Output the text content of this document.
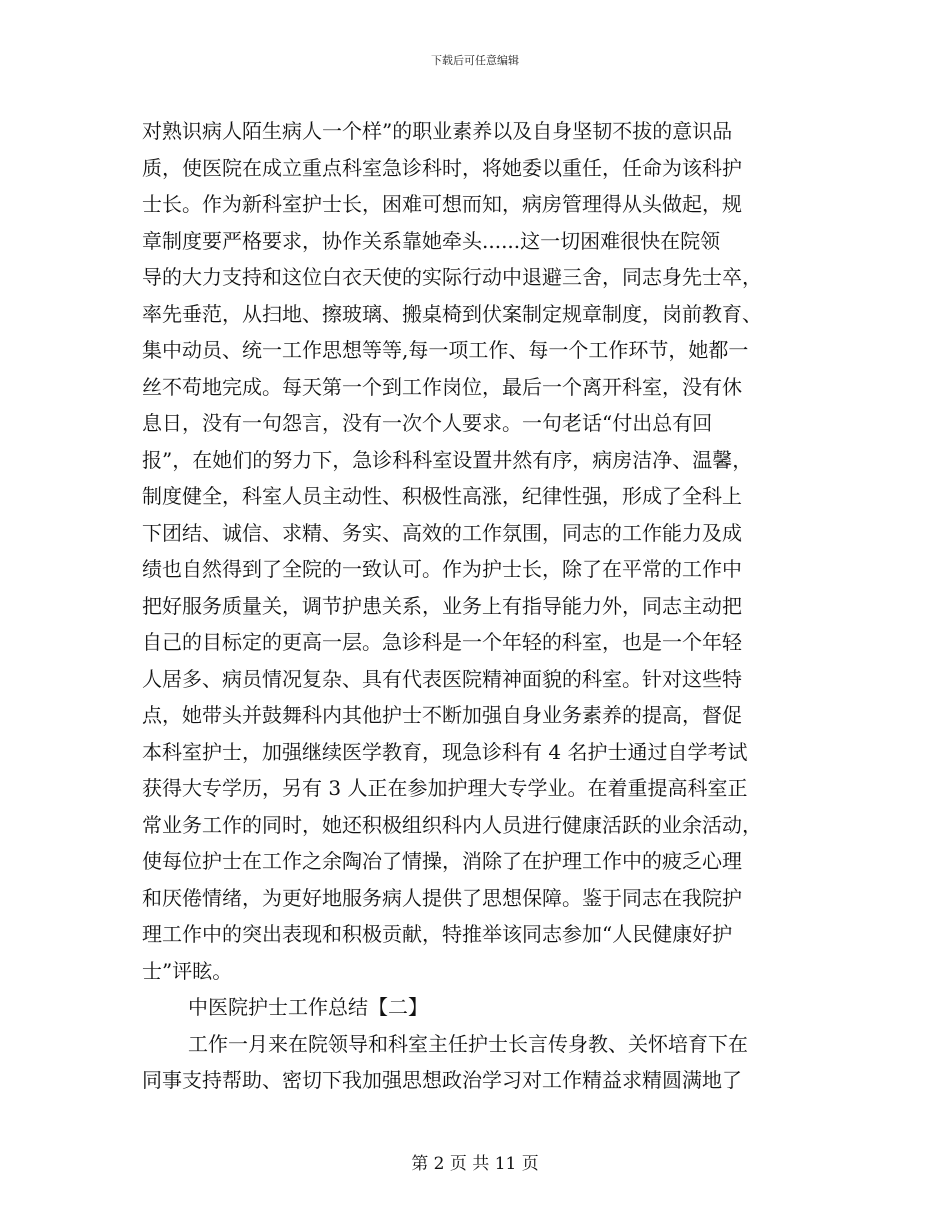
下载后可任意编辑
对熟识病人陌生病人一个样”的职业素养以及自身坚韧不拔的意识品
质，使医院在成立重点科室急诊科时，将她委以重任，任命为该科护
士长。作为新科室护士长，困难可想而知，病房管理得从头做起，规
章制度要严格要求，协作关系靠她牵头......这一切困难很快在院领
导的大力支持和这位白衣天使的实际行动中退避三舍，同志身先士卒，
率先垂范，从扫地、擦玻璃、搬桌椅到伏案制定规章制度，岗前教育、
集中动员、统一工作思想等等,每一项工作、每一个工作环节，她都一
丝不苟地完成。每天第一个到工作岗位，最后一个离开科室，没有休
息日，没有一句怨言，没有一次个人要求。一句老话“付出总有回
报”，在她们的努力下，急诊科科室设置井然有序，病房洁净、温馨，
制度健全，科室人员主动性、积极性高涨，纪律性强，形成了全科上
下团结、诚信、求精、务实、高效的工作氛围，同志的工作能力及成
绩也自然得到了全院的一致认可。作为护士长，除了在平常的工作中
把好服务质量关，调节护患关系，业务上有指导能力外，同志主动把
自己的目标定的更高一层。急诊科是一个年轻的科室，也是一个年轻
人居多、病员情况复杂、具有代表医院精神面貌的科室。针对这些特
点，她带头并鼓舞科内其他护士不断加强自身业务素养的提高，督促
本科室护士，加强继续医学教育，现急诊科有 4 名护士通过自学考试
获得大专学历，另有 3 人正在参加护理大专学业。在着重提高科室正
常业务工作的同时，她还积极组织科内人员进行健康活跃的业余活动，
使每位护士在工作之余陶冶了情操，消除了在护理工作中的疲乏心理
和厌倦情绪，为更好地服务病人提供了思想保障。鉴于同志在我院护
理工作中的突出表现和积极贡献，特推举该同志参加“人民健康好护
士”评眩。
中医院护士工作总结【二】
工作一月来在院领导和科室主任护士长言传身教、关怀培育下在
同事支持帮助、密切下我加强思想政治学习对工作精益求精圆满地了
第 2 页 共 11 页
